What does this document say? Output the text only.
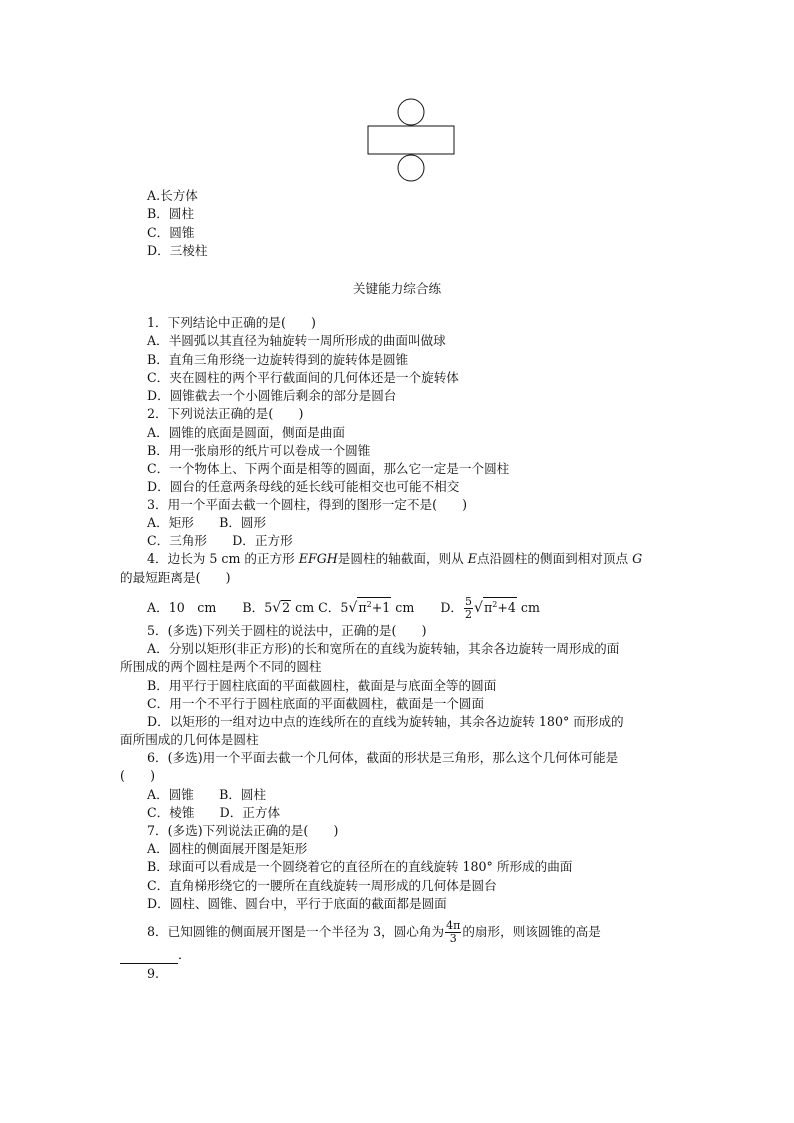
A.长方体
B．圆柱
C．圆锥
D．三棱柱
关键能力综合练
1．下列结论中正确的是(　　)
A．半圆弧以其直径为轴旋转一周所形成的曲面叫做球
B．直角三角形绕一边旋转得到的旋转体是圆锥
C．夹在圆柱的两个平行截面间的几何体还是一个旋转体
D．圆锥截去一个小圆锥后剩余的部分是圆台
2．下列说法正确的是(　　)
A．圆锥的底面是圆面，侧面是曲面
B．用一张扇形的纸片可以卷成一个圆锥
C．一个物体上、下两个面是相等的圆面，那么它一定是一个圆柱
D．圆台的任意两条母线的延长线可能相交也可能不相交
3．用一个平面去截一个圆柱，得到的图形一定不是(　　)
A．矩形　　B．圆形
C．三角形　　D．正方形
4．边长为 5 cm 的正方形 EFGH是圆柱的轴截面，则从 E点沿圆柱的侧面到相对顶点 G
的最短距离是(　　)
A．10　cm B．5√2 cm C．$5√\pi^2+1$ cm D． $\frac{5}{2} √\pi^2+4$ cm
5．(多选)下列关于圆柱的说法中，正确的是(　　)
A．分别以矩形(非正方形)的长和宽所在的直线为旋转轴，其余各边旋转一周形成的面
所围成的两个圆柱是两个不同的圆柱
B．用平行于圆柱底面的平面截圆柱，截面是与底面全等的圆面
C．用一个不平行于圆柱底面的平面截圆柱，截面是一个圆面
D．以矩形的一组对边中点的连线所在的直线为旋转轴，其余各边旋转 180° 而形成的
面所围成的几何体是圆柱
6．(多选)用一个平面去截一个几何体，截面的形状是三角形，那么这个几何体可能是
(　　)
A．圆锥　　B．圆柱
C．棱锥　　D．正方体
7．(多选)下列说法正确的是(　　)
A．圆柱的侧面展开图是矩形
B．球面可以看成是一个圆绕着它的直径所在的直线旋转 180° 所形成的曲面
C．直角梯形绕它的一腰所在直线旋转一周形成的几何体是圆台
D．圆柱、圆锥、圆台中，平行于底面的截面都是圆面
8．已知圆锥的侧面展开图是一个半径为 3，圆心角为 $\frac{4\pi}{3}$ 的扇形，则该圆锥的高是
．
9.
